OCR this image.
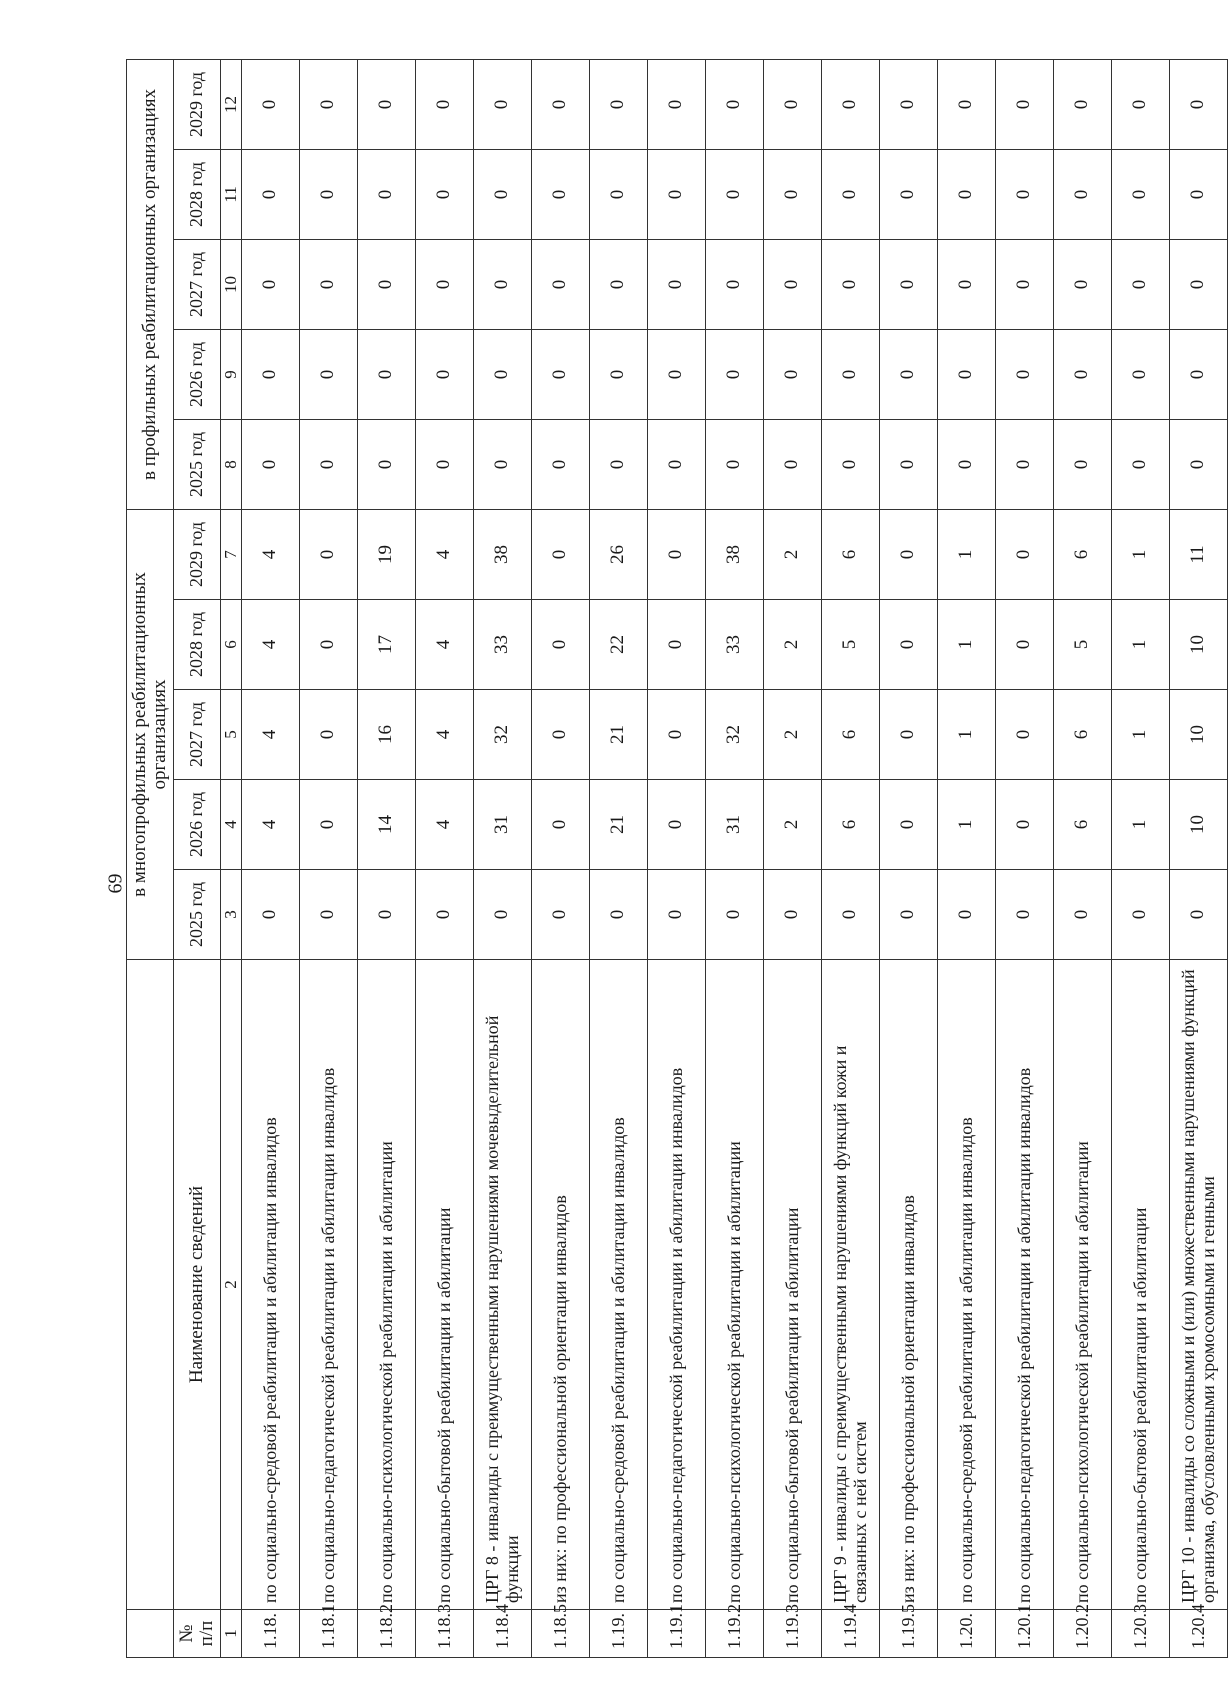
69
		в многопрофильных реабилитационных организациях					в профильных реабилитационных организациях				
№ п/п	Наименование сведений	2025 год	2026 год	2027 год	2028 год	2029 год	2025 год	2026 год	2027 год	2028 год	2029 год
1	2	3	4	5	6	7	8	9	10	11	12
1.18.	по социально-средовой реабилитации и абилитации инвалидов	0	4	4	4	4	0	0	0	0	0
1.18.1	по социально-педагогической реабилитации и абилитации инвалидов	0	0	0	0	0	0	0	0	0	0
1.18.2	по социально-психологической реабилитации и абилитации	0	14	16	17	19	0	0	0	0	0
1.18.3	по социально-бытовой реабилитации и абилитации	0	4	4	4	4	0	0	0	0	0
1.18.4	ЦРГ 8 - инвалиды с преимущественными нарушениями мочевыделительной функции	0	31	32	33	38	0	0	0	0	0
1.18.5	из них: по профессиональной ориентации инвалидов	0	0	0	0	0	0	0	0	0	0
1.19.	по социально-средовой реабилитации и абилитации инвалидов	0	21	21	22	26	0	0	0	0	0
1.19.1	по социально-педагогической реабилитации и абилитации инвалидов	0	0	0	0	0	0	0	0	0	0
1.19.2	по социально-психологической реабилитации и абилитации	0	31	32	33	38	0	0	0	0	0
1.19.3	по социально-бытовой реабилитации и абилитации	0	2	2	2	2	0	0	0	0	0
1.19.4	ЦРГ 9 - инвалиды с преимущественными нарушениями функций кожи и связанных с ней систем	0	6	6	5	6	0	0	0	0	0
1.19.5	из них: по профессиональной ориентации инвалидов	0	0	0	0	0	0	0	0	0	0
1.20.	по социально-средовой реабилитации и абилитации инвалидов	0	1	1	1	1	0	0	0	0	0
1.20.1	по социально-педагогической реабилитации и абилитации инвалидов	0	0	0	0	0	0	0	0	0	0
1.20.2	по социально-психологической реабилитации и абилитации	0	6	6	5	6	0	0	0	0	0
1.20.3	по социально-бытовой реабилитации и абилитации	0	1	1	1	1	0	0	0	0	0
1.20.4	ЦРГ 10 - инвалиды со сложными и (или) множественными нарушениями функций организма, обусловленными хромосомными и генными	0	10	10	10	11	0	0	0	0	0
